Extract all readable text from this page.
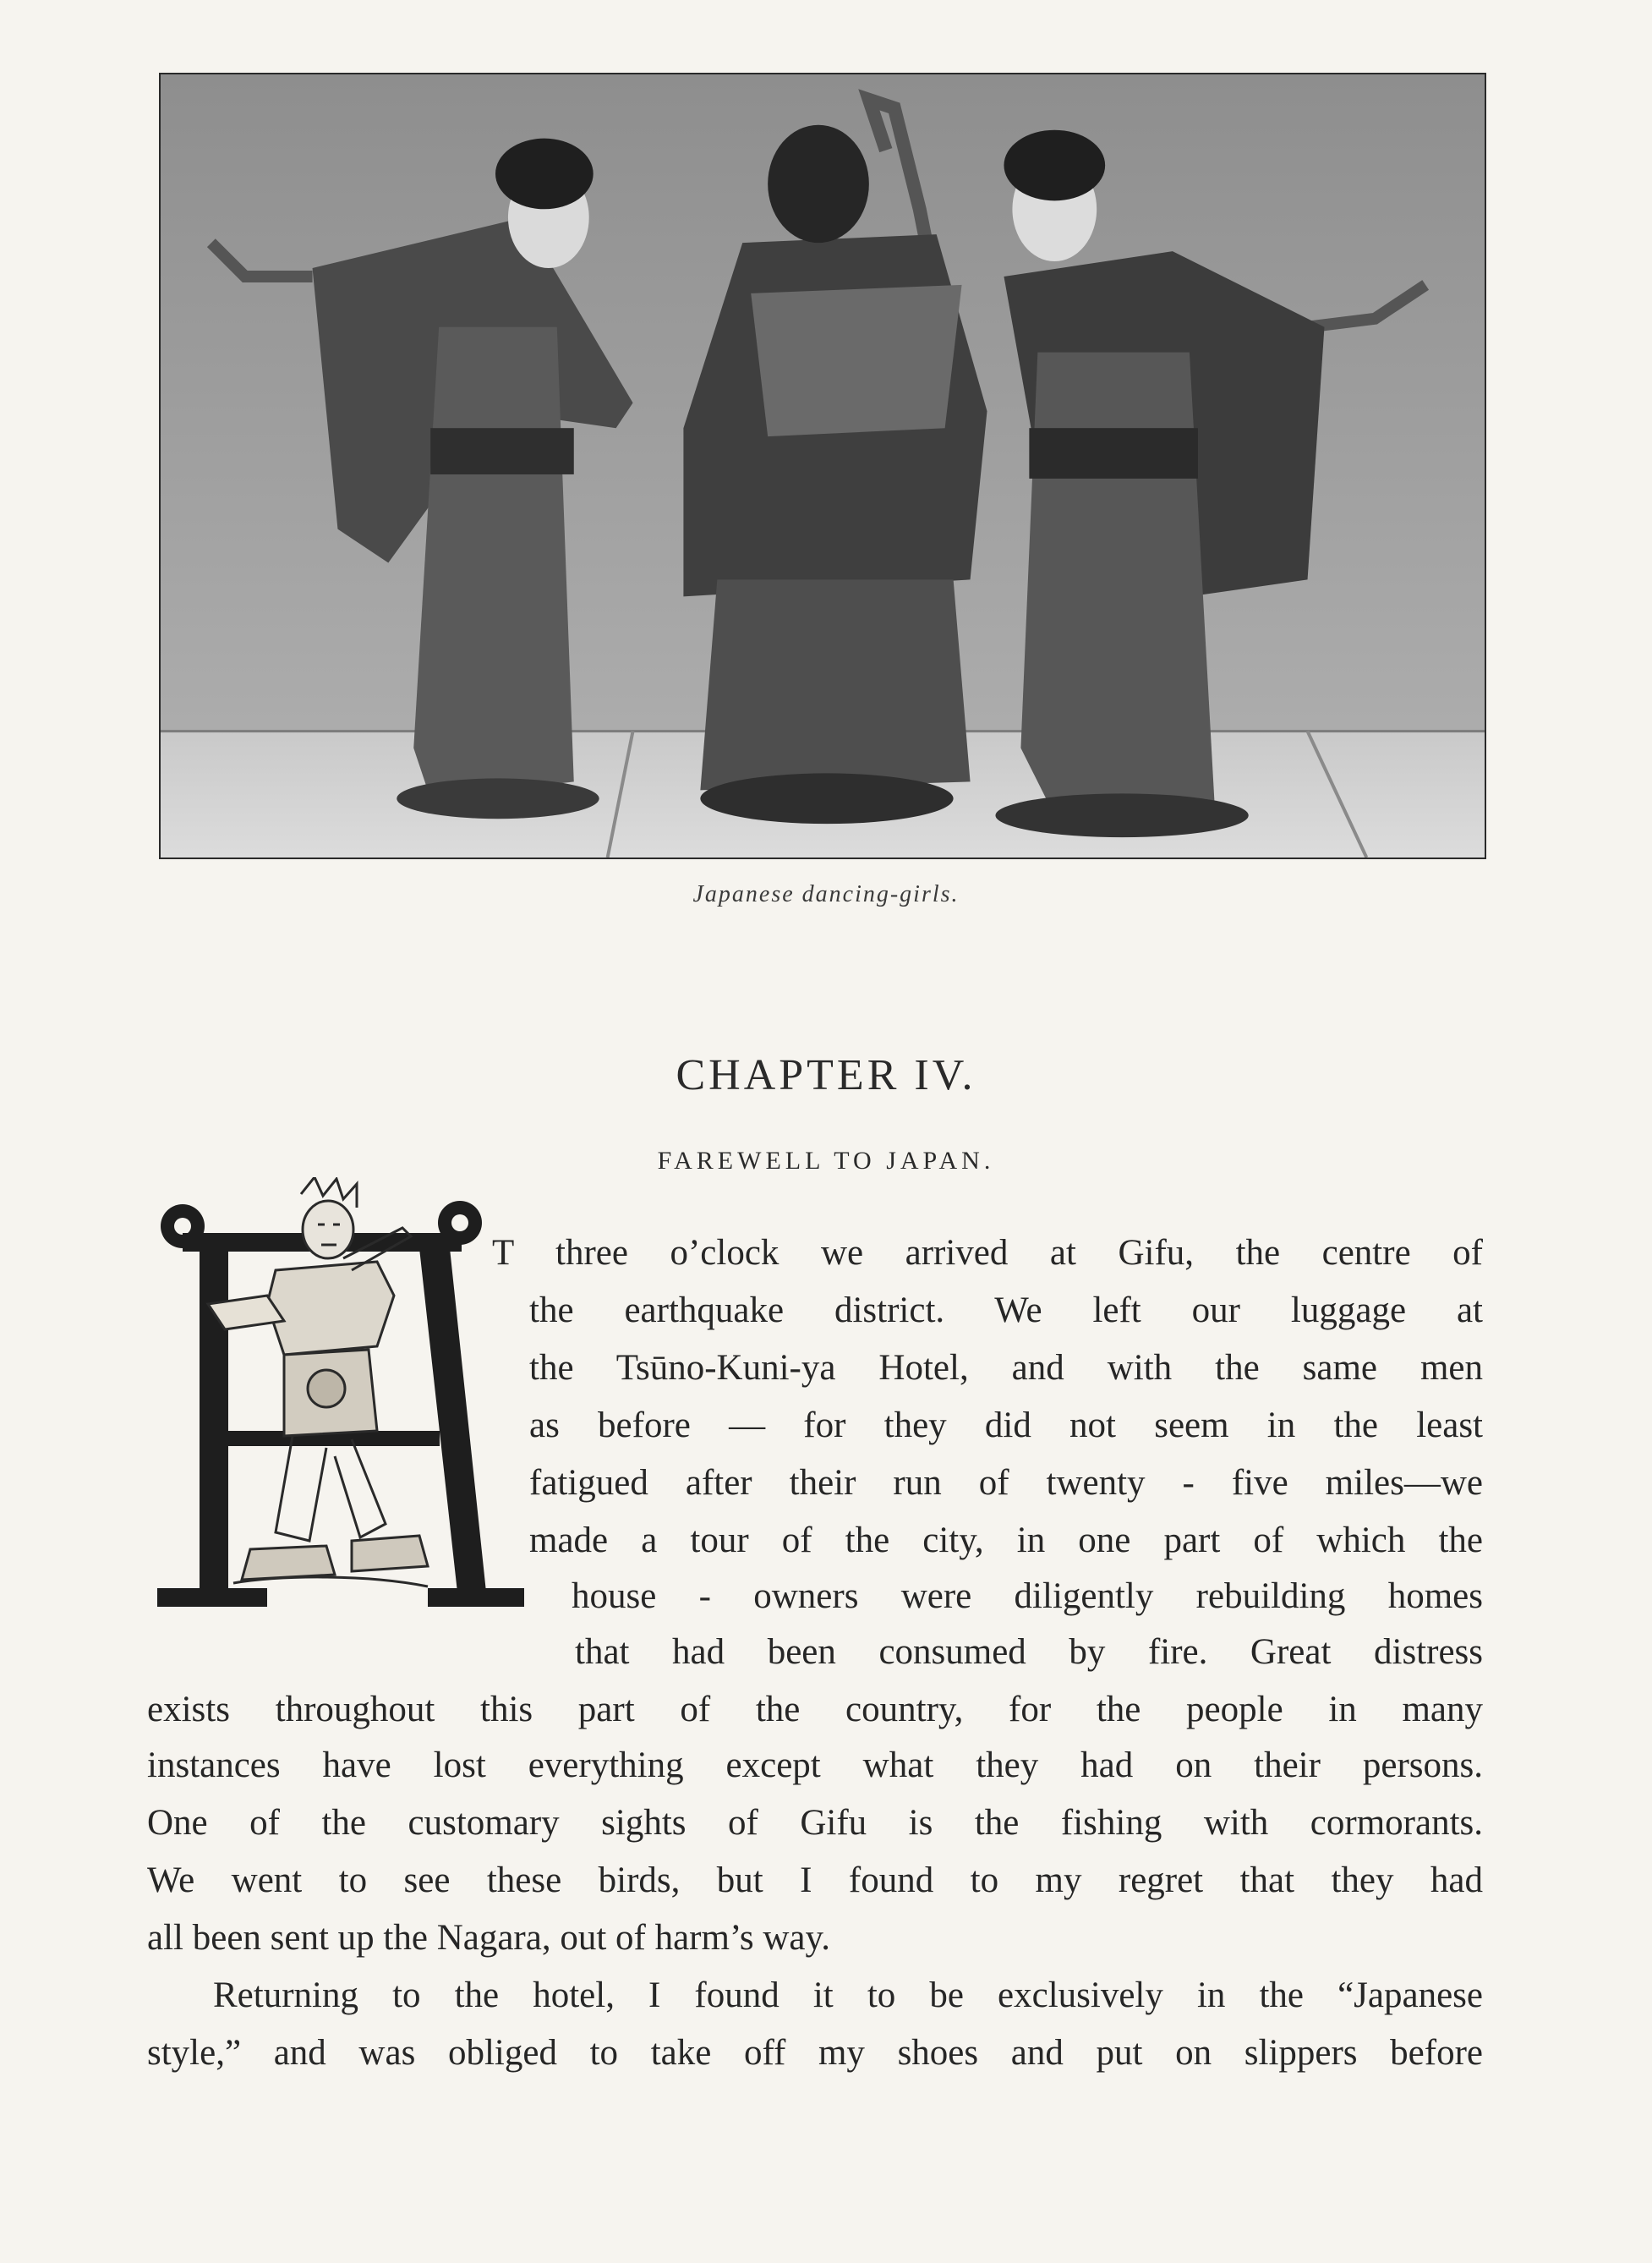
Japanese dancing-girls.
CHAPTER IV.
FAREWELL TO JAPAN.
T three o’clock we arrived at Gifu, the centre of
the earthquake district. We left our luggage at
the Tsūno-Kuni-ya Hotel, and with the same men
as before — for they did not seem in the least
fatigued after their run of twenty - five miles—we
made a tour of the city, in one part of which the
house - owners were diligently rebuilding homes
that had been consumed by fire. Great distress
exists throughout this part of the country, for the people in many
instances have lost everything except what they had on their persons.
One of the customary sights of Gifu is the fishing with cormorants.
We went to see these birds, but I found to my regret that they had
all been sent up the Nagara, out of harm’s way.
Returning to the hotel, I found it to be exclusively in the “Japanese
style,” and was obliged to take off my shoes and put on slippers before
